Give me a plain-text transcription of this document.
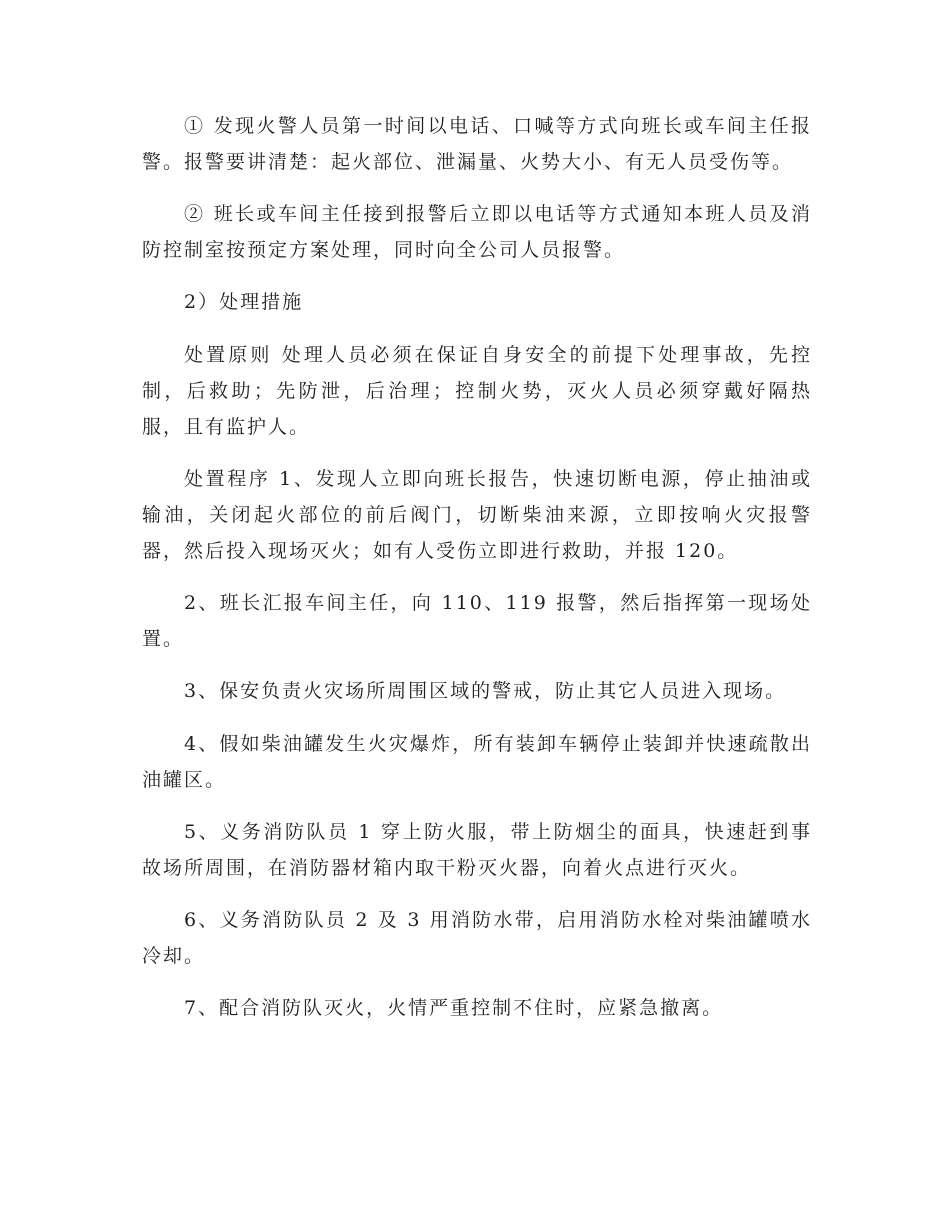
① 发现火警人员第一时间以电话、口喊等方式向班长或车间主任报警。报警要讲清楚：起火部位、泄漏量、火势大小、有无人员受伤等。

② 班长或车间主任接到报警后立即以电话等方式通知本班人员及消防控制室按预定方案处理，同时向全公司人员报警。

2）处理措施

处置原则 处理人员必须在保证自身安全的前提下处理事故，先控制，后救助；先防泄，后治理；控制火势，灭火人员必须穿戴好隔热服，且有监护人。

处置程序 1、发现人立即向班长报告，快速切断电源，停止抽油或输油，关闭起火部位的前后阀门，切断柴油来源，立即按响火灾报警器，然后投入现场灭火；如有人受伤立即进行救助，并报 120。

2、班长汇报车间主任，向 110、119 报警，然后指挥第一现场处置。

3、保安负责火灾场所周围区域的警戒，防止其它人员进入现场。

4、假如柴油罐发生火灾爆炸，所有装卸车辆停止装卸并快速疏散出油罐区。

5、义务消防队员 1 穿上防火服，带上防烟尘的面具，快速赶到事故场所周围，在消防器材箱内取干粉灭火器，向着火点进行灭火。

6、义务消防队员 2 及 3 用消防水带，启用消防水栓对柴油罐喷水冷却。

7、配合消防队灭火，火情严重控制不住时，应紧急撤离。
